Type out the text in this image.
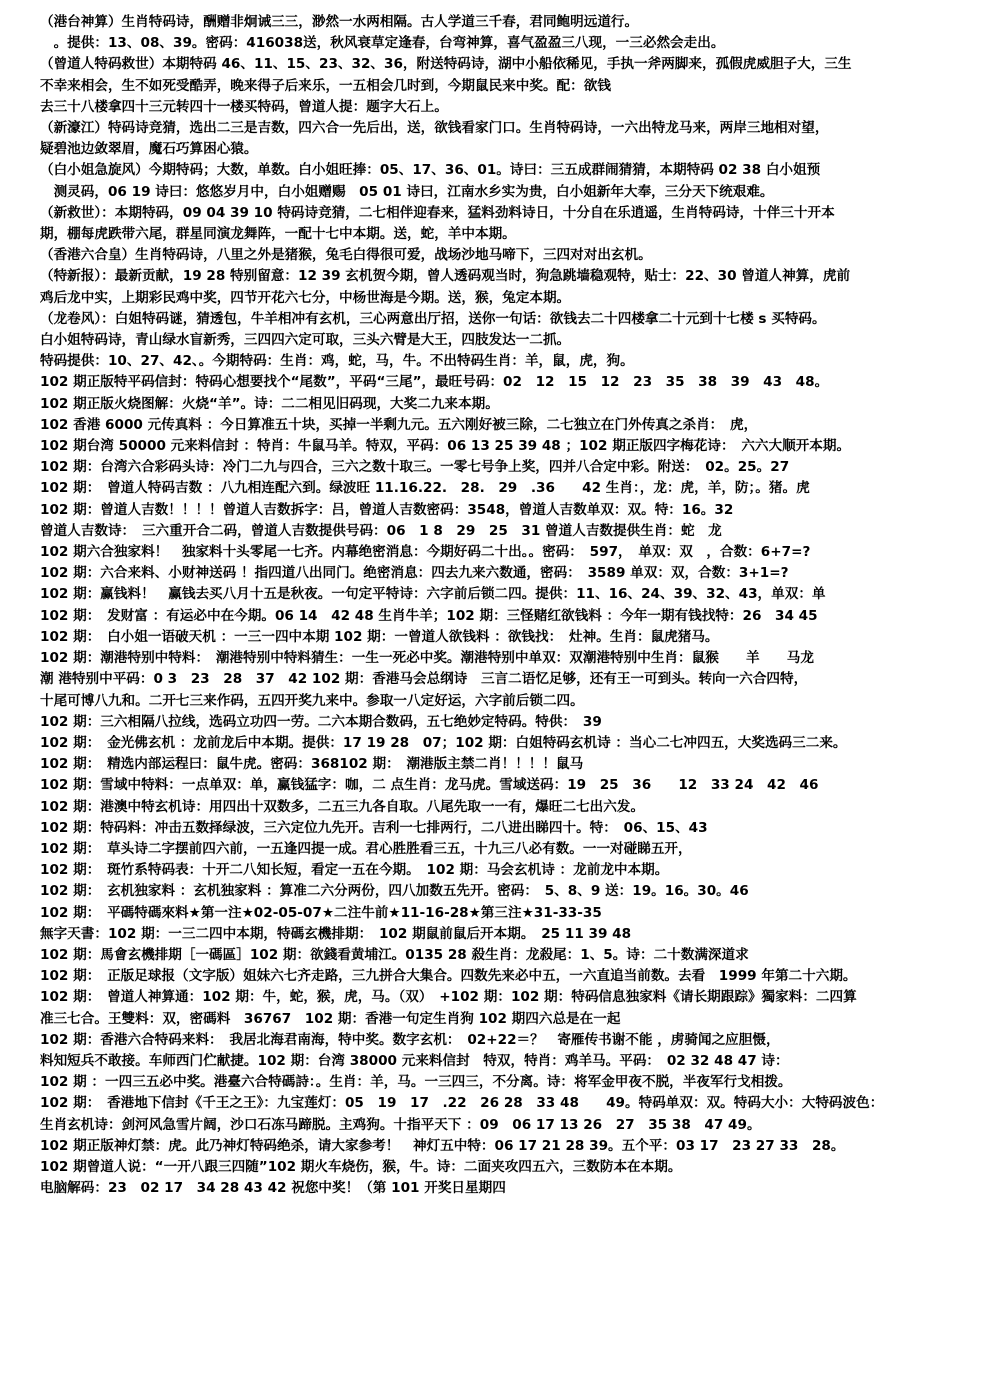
（港台神算）生肖特码诗，酬赠非炯诫三三，渺然一水两相隔。古人学道三千春，君同鲍明远道行。
　。提供：13、08、39。密码：416038送，秋风衰草定逢春，台弯神算，喜气盈盈三八现，一三必然会走出。
（曾道人特码救世）本期特码 46、11、15、23、32、36，附送特码诗，湖中小船依稀见，手执一斧两脚来，孤假虎威胆子大，三生
不幸来相会，生不如死受酷弄，晚来得子后来乐，一五相会几时到，今期鼠民来中奖。配：欲钱
去三十八楼拿四十三元转四十一楼买特码，曾道人提：题字大石上。
（新濠江）特码诗竞猜，选出二三是吉数，四六合一先后出，送，欲钱看家门口。生肖特码诗，一六出特龙马来，两岸三地相对望，
疑碧池边敛翠眉，魔石巧算困心猿。
（白小姐急旋风）今期特码；大数，单数。白小姐旺捧：05、17、36、01。诗曰：三五成群闹猜猜，本期特码 02 38 白小姐预
　测灵码，06 19 诗曰：悠悠岁月中，白小姐赠赐　05 01 诗曰，江南水乡实为贵，白小姐新年大奉，三分天下统艰难。
（新救世）：本期特码，09 04 39 10 特码诗竞猜，二七相伴迎春来，猛料劲料诗日，十分自在乐逍遥，生肖特码诗，十伴三十开本
期，棚每虎跌带六尾，群星同演龙舞阵，一配十七中本期。送，蛇，羊中本期。
（香港六合皇）生肖特码诗，八里之外是猪猴，兔毛白得很可爱，战场沙地马啼下，三四对对出玄机。
（特新报）：最新贡献，19 28 特别留意：12 39 玄机贺今期，曾人透码观当时，狗急跳墙稳观特，贴士：22、30 曾道人神算，虎前
鸡后龙中实，上期彩民鸡中奖，四节开花六七分，中杨世海是今期。送，猴，兔定本期。
（龙卷风）：白姐特码谜，猜透包，牛羊相冲有玄机，三心两意出厅招，送你一句话：欲钱去二十四楼拿二十元到十七楼 s 买特码。
白小姐特码诗，青山绿水盲新秀，三四四六定可取，三头六臂是大王，四肢发达一二抓。
特码提供：10、27、42、。今期特码：生肖：鸡，蛇，马，牛。不出特码生肖：羊，鼠，虎，狗。
102 期正版特平码信封：特码心想要找个“尾数”，平码“三尾”，最旺号码：02　12　15　12　23　35　38　39　43　48。
102 期正版火烧图解：火烧“羊”。诗：二二相见旧码现，大奖二九来本期。
102 香港 6000 元传真料 ：今日算准五十块，买掉一半剩九元。五六刚好被三除，二七独立在门外传真之杀肖：　虎，
102 期台湾 50000 元来料信封 ：特肖：牛鼠马羊。特双，平码：06 13 25 39 48 ；102 期正版四字梅花诗：　六六大顺开本期。
102 期：台湾六合彩码头诗：冷门二九与四合，三六之数十取三。一零七号争上奖，四并八合定中彩。附送：　02。25。27
102 期：　曾道人特码吉数 ：八九相连配六到。绿波旺 11.16.22.　28.　29　.36　　42 生肖：，龙：虎，羊，防；。猪。虎
102 期：曾道人吉数！！！！曾道人吉数拆字：吕，曾道人吉数密码：3548，曾道人吉数单双：双。特：16。32
曾道人吉数诗：　三六重开合二码，曾道人吉数提供号码：06　1 8　29　25　31 曾道人吉数提供生肖：蛇　龙
102 期六合独家料！　独家料十头零尾一七齐。内幕绝密消息：今期好码二十出。。密码：　597，　单双：双　，合数：6+7=?
102 期：六合来料、小财神送码 ！指四道八出同门。绝密消息：四去九来六数通，密码：　3589 单双：双，合数：3+1=?
102 期：赢钱料！　赢钱去买八月十五是秋夜。一句定平特诗：六字前后锁二四。提供：11、16、24、39、32、43，单双：单
102 期：　发财富 ：有运必中在今期。06 14　42 48 生肖牛羊；102 期：三怪赌红欲钱料 ：今年一期有钱找特：26　34 45
102 期：　白小姐一语破天机 ：一三一四中本期 102 期：一曾道人欲钱料 ：欲钱找：　灶神。生肖：鼠虎猪马。
102 期：潮港特别中特料：　潮港特别中特料猜生：一生一死必中奖。潮港特别中单双：双潮港特别中生肖：鼠猴　　羊　　马龙
潮 港特别中平码：0 3　23　28　37　42 102 期：香港马会总纲诗　三言二语忆足够，还有王一可到头。转向一六合四特，
十尾可博八九和。二开七三来作码，五四开奖九来中。参取一八定好运，六字前后锁二四。
102 期：三六相隔八拉线，选码立功四一劳。二六本期合数码，五七绝妙定特码。特供：　39
102 期：　金光佛玄机 ：龙前龙后中本期。提供：17 19 28　07；102 期：白姐特码玄机诗 ：当心二七冲四五，大奖选码三二来。
102 期：　精选内部运程曰：鼠牛虎。密码：368102 期：　潮港版主禁二肖！！！！鼠马
102 期：雪域中特料：一点单双：单，赢钱猛字：咖，二 点生肖：龙马虎。雪域送码：19　25　36　　12　33 24　42　46
102 期：港澳中特玄机诗：用四出十双数多，二五三九各自取。八尾先取一一有，爆旺二七出六发。
102 期：特码料：冲击五数择绿波，三六定位九先开。吉利一七排两行，二八进出睇四十。特：　06、15、43
102 期：　草头诗二字摆前四六前，一五逢四提一成。君心胜胜看三五，十九三八必有数。一一对碰睇五开，
102 期：　斑竹系特码表：十开二八知长短，看定一五在今期。　102 期：马会玄机诗 ：龙前龙中本期。
102 期：　玄机独家料 ：玄机独家料 ：算准二六分两份，四八加数五先开。密码：　5、8、9 送：19。16。30。46
102 期：　平碼特碼來料★第一注★02-05-07★二注牛前★11-16-28★第三注★31-33-35
無字天書：102 期：一三二四中本期，特碼玄機排期：　102 期鼠前鼠后开本期。　25 11 39 48
102 期：馬會玄機排期［一碼區］102 期：欲錢看黄埔江。0135 28 殺生肖：龙殺尾：1、5。诗：二十数满深道求
102 期：　正版足球报（文字版）姐妹六七齐走路，三九拼合大集合。四数先来必中五，一六直追当前数。去看　1999 年第二十六期。
102 期：　曾道人神算通：102 期：牛，蛇，猴，虎，马。（双）　+102 期：102 期：特码信息独家料《请长期跟踪》獨家料：二四算
准三七合。王雙料：双，密碼料　36767　102 期：香港一句定生肖狗 102 期四六总是在一起
102 期：香港六合特码来料：　我居北海君南海，特中奖。数字玄机：　02+22＝？　寄雁传书谢不能 ，虏骑闻之应胆慑，
料知短兵不敢接。车师西门伫献捷。102 期：台湾 38000 元来料信封　特双，特肖：鸡羊马。平码：　02 32 48 47 诗：
102 期 ：一四三五必中奖。港臺六合特碼詩：。生肖：羊，马。一三四三，不分离。诗：将军金甲夜不脱，半夜军行戈相拨。
102 期：　香港地下信封《千王之王》：九宝莲灯：05　19　17　.22　26 28　33 48　　49。特码单双：双。特码大小：大特码波色：
生肖玄机诗：剑河风急雪片阔，沙口石冻马蹄脱。主鸡狗。十指平天下 ：09　06 17 13 26　27　35 38　47 49。
102 期正版神灯禁：虎。此乃神灯特码绝杀，请大家参考！　神灯五中特：06 17 21 28 39。五个平：03 17　23 27 33　28。
102 期曾道人说：“一开八跟三四随”102 期火车烧伤，猴，牛。诗：二面夹攻四五六，三数防本在本期。
电脑解码：23　02 17　34 28 43 42 祝您中奖！（第 101 开奖日星期四
